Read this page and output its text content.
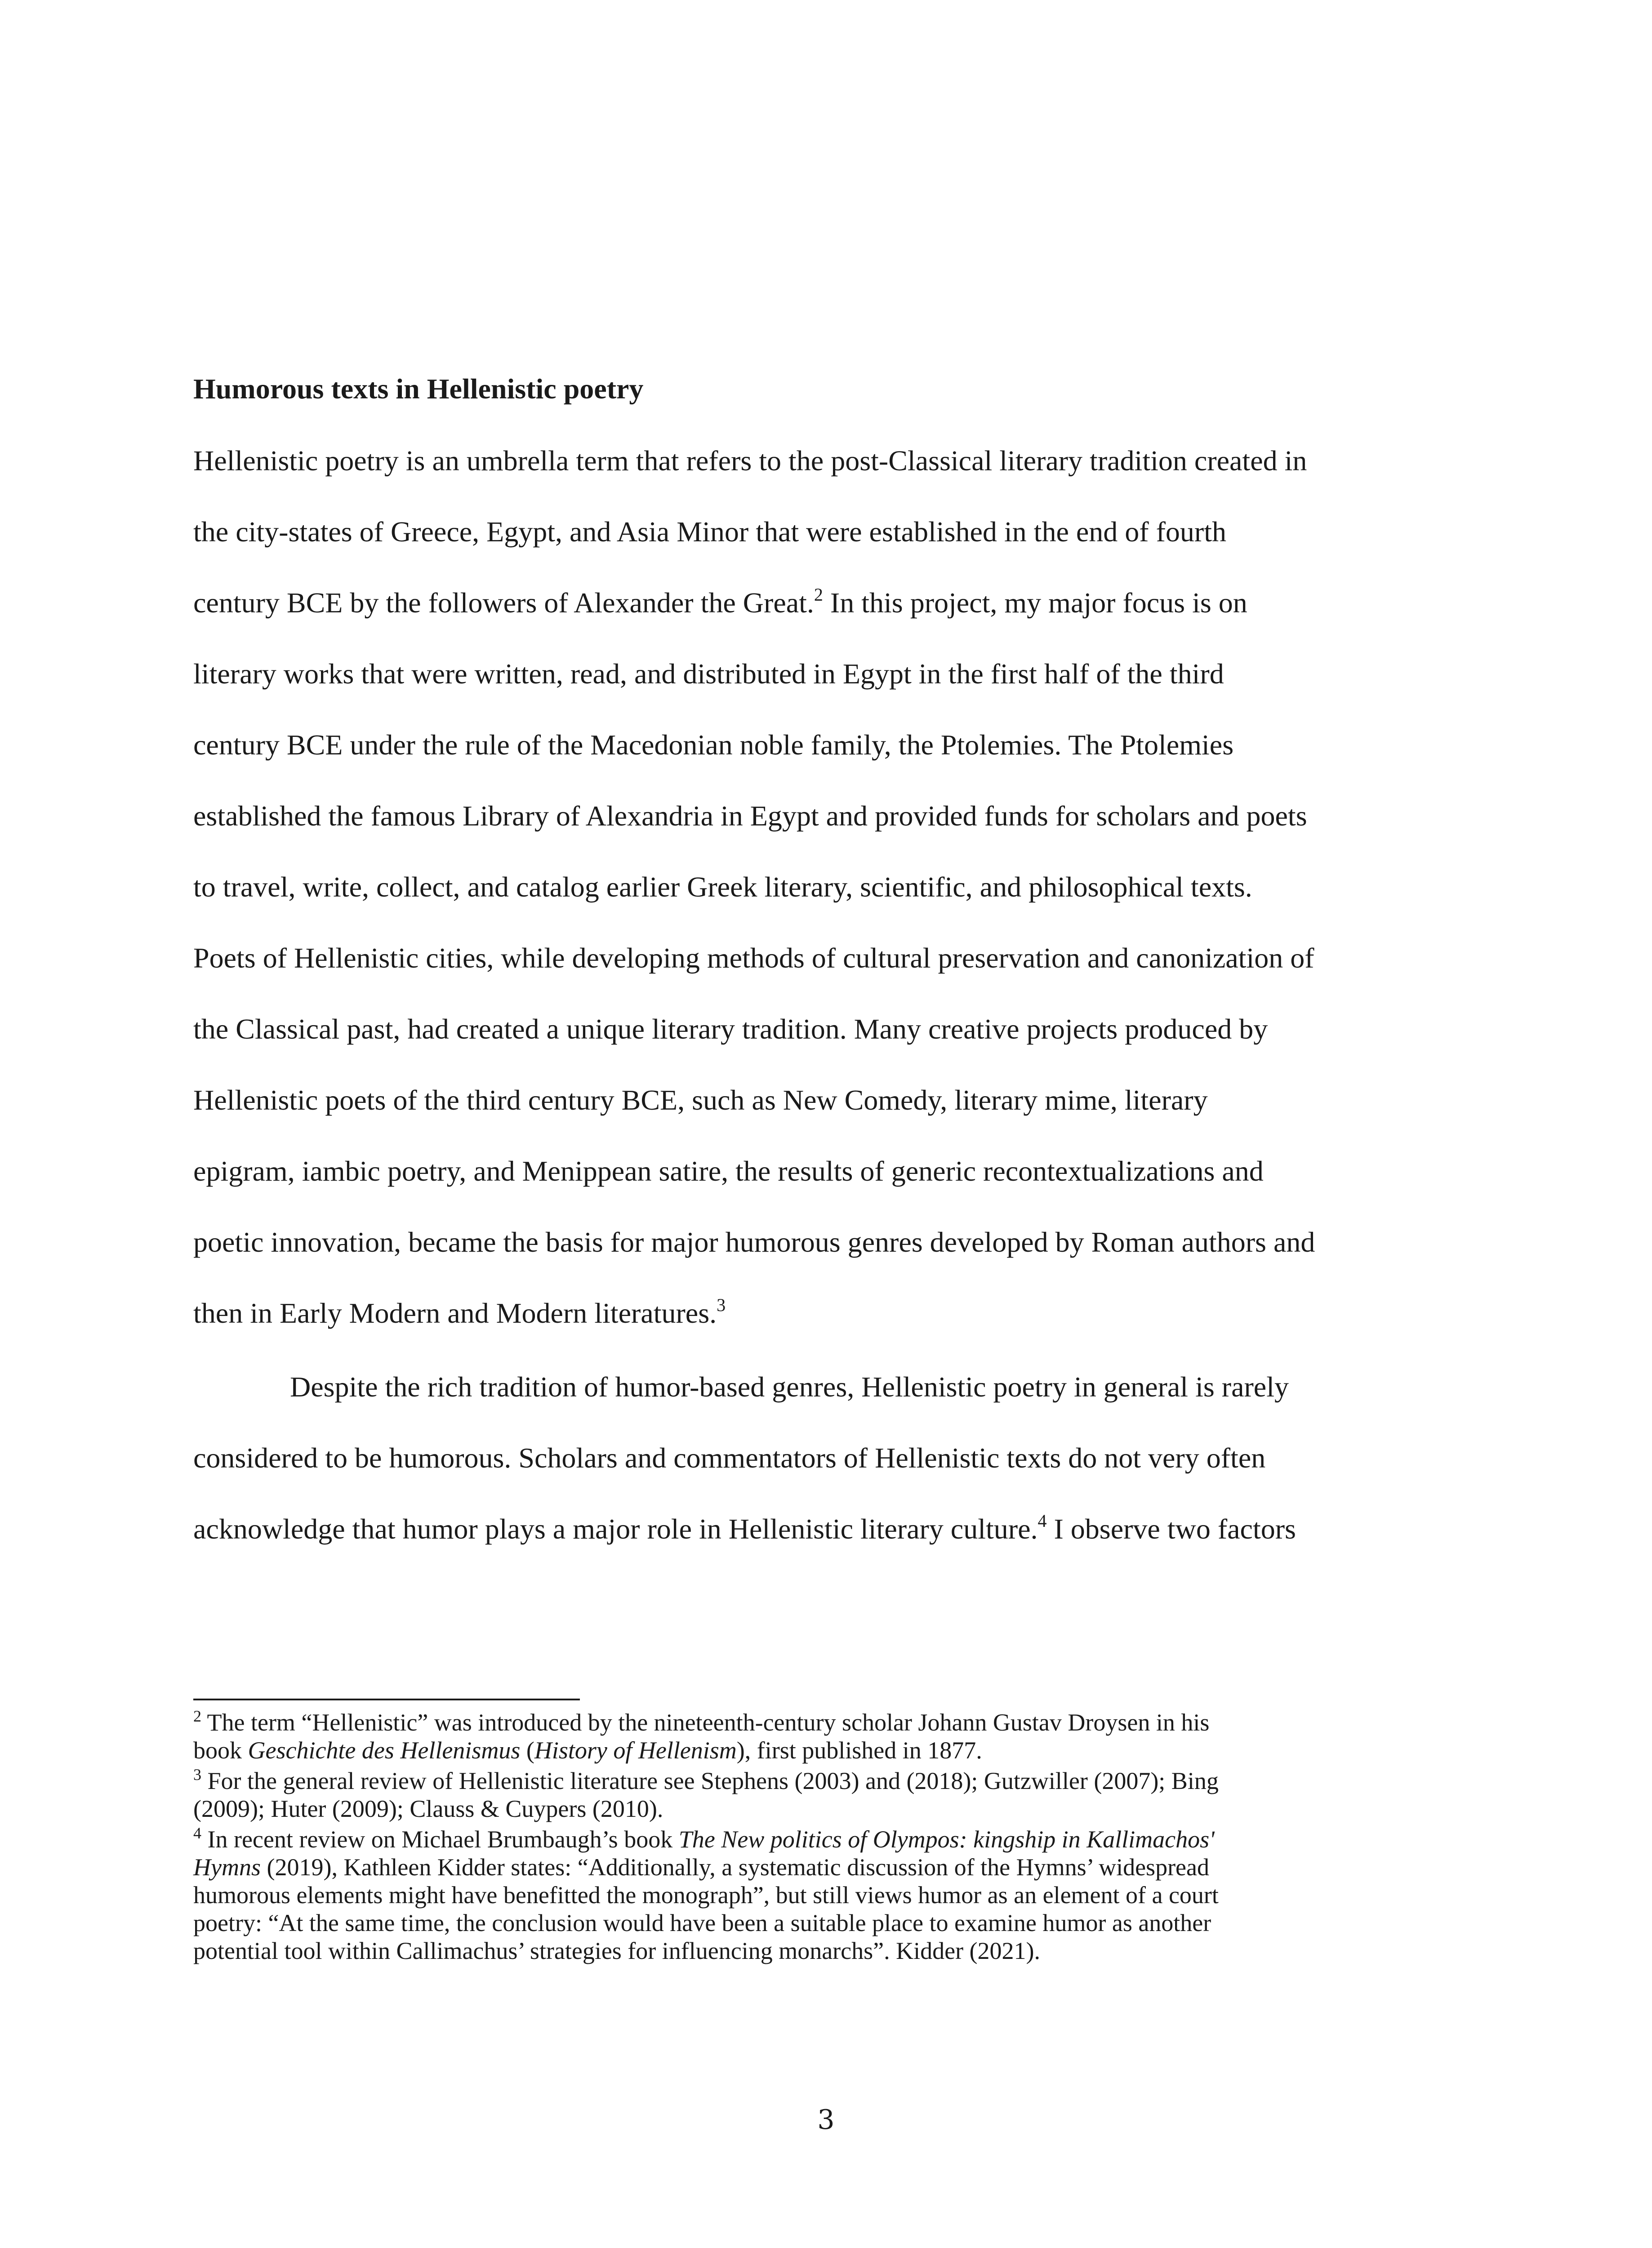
Humorous texts in Hellenistic poetry
Hellenistic poetry is an umbrella term that refers to the post-Classical literary tradition created in
the city-states of Greece, Egypt, and Asia Minor that were established in the end of fourth
century BCE by the followers of Alexander the Great.$^2$ In this project, my major focus is on
literary works that were written, read, and distributed in Egypt in the first half of the third
century BCE under the rule of the Macedonian noble family, the Ptolemies. The Ptolemies
established the famous Library of Alexandria in Egypt and provided funds for scholars and poets
to travel, write, collect, and catalog earlier Greek literary, scientific, and philosophical texts.
Poets of Hellenistic cities, while developing methods of cultural preservation and canonization of
the Classical past, had created a unique literary tradition. Many creative projects produced by
Hellenistic poets of the third century BCE, such as New Comedy, literary mime, literary
epigram, iambic poetry, and Menippean satire, the results of generic recontextualizations and
poetic innovation, became the basis for major humorous genres developed by Roman authors and
then in Early Modern and Modern literatures.$^3$
Despite the rich tradition of humor-based genres, Hellenistic poetry in general is rarely
considered to be humorous. Scholars and commentators of Hellenistic texts do not very often
acknowledge that humor plays a major role in Hellenistic literary culture.$^4$ I observe two factors
$^2$ The term “Hellenistic” was introduced by the nineteenth-century scholar Johann Gustav Droysen in his
book Geschichte des Hellenismus (History of Hellenism), first published in 1877.
$^3$ For the general review of Hellenistic literature see Stephens (2003) and (2018); Gutzwiller (2007); Bing
(2009); Huter (2009); Clauss & Cuypers (2010).
$^4$ In recent review on Michael Brumbaugh’s book The New politics of Olympos: kingship in Kallimachos'
Hymns (2019), Kathleen Kidder states: “Additionally, a systematic discussion of the Hymns’ widespread
humorous elements might have benefitted the monograph”, but still views humor as an element of a court
poetry: “At the same time, the conclusion would have been a suitable place to examine humor as another
potential tool within Callimachus’ strategies for influencing monarchs”. Kidder (2021).
3
